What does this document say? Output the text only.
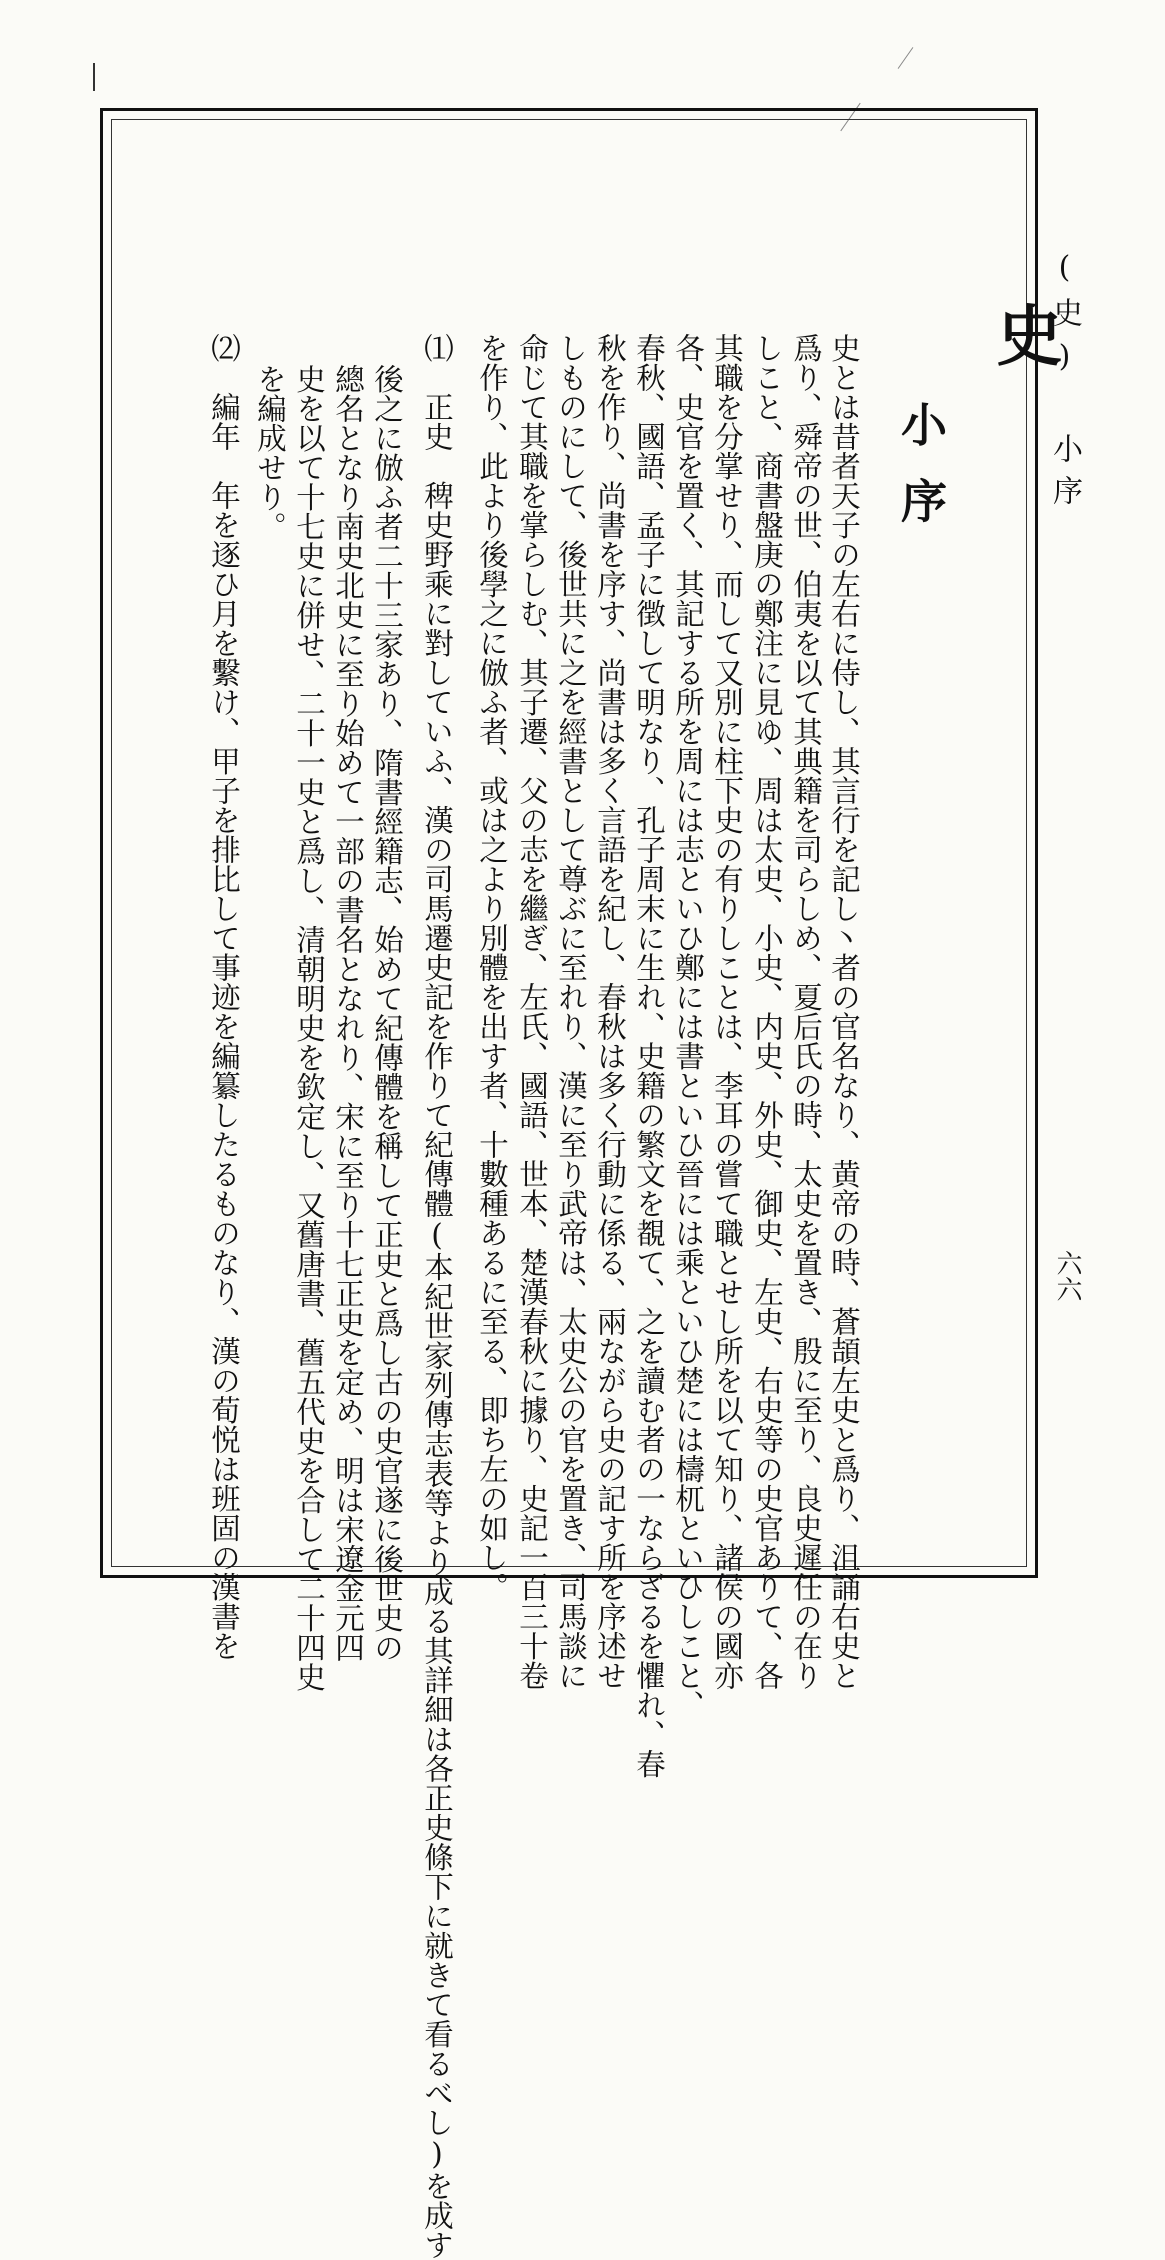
史
小序
史とは昔者天子の左右に侍し、其言行を記し丶者の官名なり、黄帝の時、蒼頡左史と爲り、沮誦右史と
爲り、舜帝の世、伯夷を以て其典籍を司らしめ、夏后氏の時、太史を置き、殷に至り、良史遲任の在り
しこと、商書盤庚の鄭注に見ゆ、周は太史、小史、内史、外史、御史、左史、右史等の史官ありて、各
其職を分掌せり、而して又別に柱下史の有りしことは、李耳の嘗て職とせし所を以て知り、諸侯の國亦
各、史官を置く、其記する所を周には志といひ鄭には書といひ晉には乘といひ楚には檮杌といひしこと、
春秋、國語、孟子に徴して明なり、孔子周末に生れ、史籍の繁文を覩て、之を讀む者の一ならざるを懼れ、春
秋を作り、尚書を序す、尚書は多く言語を紀し、春秋は多く行動に係る、兩ながら史の記す所を序述せ
しものにして、後世共に之を經書として尊ぶに至れり、漢に至り武帝は、太史公の官を置き、司馬談に
命じて其職を掌らしむ、其子遷、父の志を繼ぎ、左氏、國語、世本、楚漢春秋に據り、史記一百三十卷
を作り、此より後學之に倣ふ者、或は之より別體を出す者、十數種あるに至る、即ち左の如し。
⑴　正史　稗史野乘に對していふ、漢の司馬遷史記を作りて紀傳體(本紀世家列傳志表等より成る其詳細は各正史條下に就きて看るべし)を成す
後之に倣ふ者二十三家あり、隋書經籍志、始めて紀傳體を稱して正史と爲し古の史官遂に後世史の
總名となり南史北史に至り始めて一部の書名となれり、宋に至り十七正史を定め、明は宋遼金元四
史を以て十七史に併せ、二十一史と爲し、清朝明史を欽定し、又舊唐書、舊五代史を合して二十四史
を編成せり。
⑵　編年　年を逐ひ月を繫け、甲子を排比して事迹を編纂したるものなり、漢の荀悦は班固の漢書を	(史) 小序
六六
